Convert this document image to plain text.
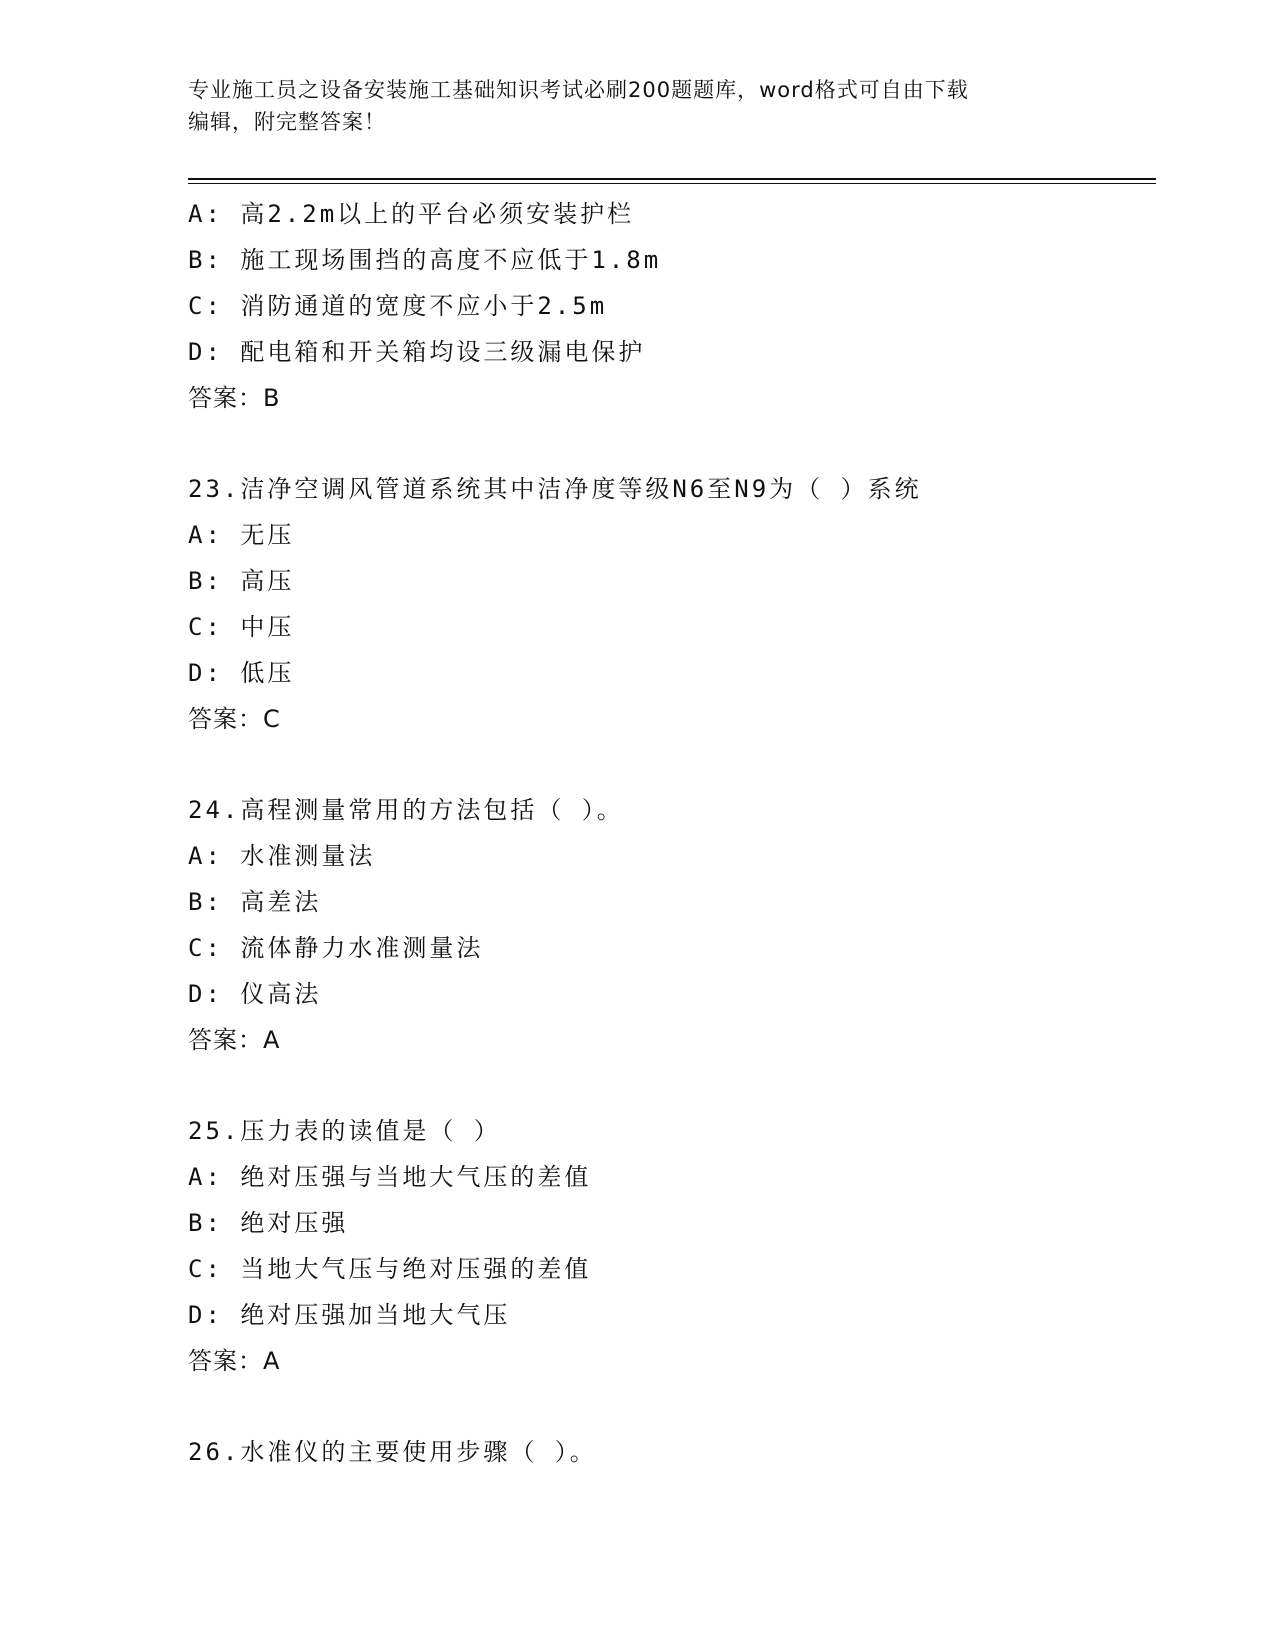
专业施工员之设备安装施工基础知识考试必刷200题题库，word格式可自由下载
编辑，附完整答案！
A: 高2.2m以上的平台必须安装护栏
B: 施工现场围挡的高度不应低于1.8m
C: 消防通道的宽度不应小于2.5m
D: 配电箱和开关箱均设三级漏电保护
答案：B
23.洁净空调风管道系统其中洁净度等级N6至N9为（ ）系统
A: 无压
B: 高压
C: 中压
D: 低压
答案：C
24.高程测量常用的方法包括（ ）。
A: 水准测量法
B: 高差法
C: 流体静力水准测量法
D: 仪高法
答案：A
25.压力表的读值是（ ）
A: 绝对压强与当地大气压的差值
B: 绝对压强
C: 当地大气压与绝对压强的差值
D: 绝对压强加当地大气压
答案：A
26.水准仪的主要使用步骤（ ）。
